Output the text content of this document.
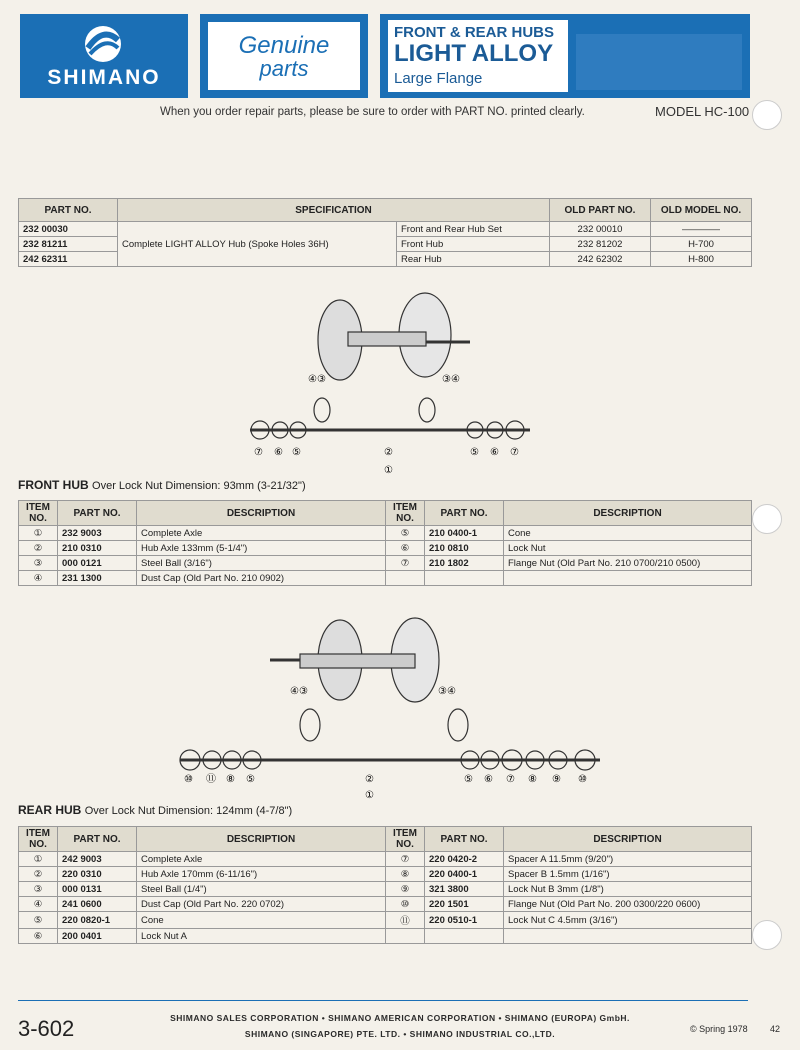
SHIMANO
Genuine
parts
FRONT & REAR HUBS
LIGHT ALLOY
Large Flange
When you order repair parts, please be sure to order with PART NO. printed clearly.	MODEL HC-100
PART NO.	SPECIFICATION		OLD PART NO.	OLD MODEL NO.
232 00030	Complete LIGHT ALLOY Hub (Spoke Holes 36H)	Front and Rear Hub Set	232 00010	————
232 81211		Front Hub	232 81202	H-700
242 62311		Rear Hub	242 62302	H-800
④③	③④
⑦ ⑥ ⑤	②	⑤ ⑥ ⑦
①
FRONT HUB Over Lock Nut Dimension: 93mm (3-21/32")
ITEM NO.	PART NO.	DESCRIPTION	ITEM NO.	PART NO.	DESCRIPTION
①	232 9003	Complete Axle	⑤	210 0400-1	Cone
②	210 0310	Hub Axle 133mm (5-1/4")	⑥	210 0810	Lock Nut
③	000 0121	Steel Ball (3/16")	⑦	210 1802	Flange Nut (Old Part No. 210 0700/210 0500)
④	231 1300	Dust Cap (Old Part No. 210 0902)			
④③	③④
⑩ ⑪ ⑧ ⑤	②	⑤ ⑥ ⑦ ⑧ ⑨ ⑩
①
REAR HUB Over Lock Nut Dimension: 124mm (4-7/8")
ITEM NO.	PART NO.	DESCRIPTION	ITEM NO.	PART NO.	DESCRIPTION
①	242 9003	Complete Axle	⑦	220 0420-2	Spacer A 11.5mm (9/20")
②	220 0310	Hub Axle 170mm (6-11/16")	⑧	220 0400-1	Spacer B 1.5mm (1/16")
③	000 0131	Steel Ball (1/4")	⑨	321 3800	Lock Nut B 3mm (1/8")
④	241 0600	Dust Cap (Old Part No. 220 0702)	⑩	220 1501	Flange Nut (Old Part No. 200 0300/220 0600)
⑤	220 0820-1	Cone	⑪	220 0510-1	Lock Nut C 4.5mm (3/16")
⑥	200 0401	Lock Nut A			
3-602	SHIMANO SALES CORPORATION • SHIMANO AMERICAN CORPORATION • SHIMANO (EUROPA) GmbH.
SHIMANO (SINGAPORE) PTE. LTD. • SHIMANO INDUSTRIAL CO.,LTD.	© Spring 1978 42
